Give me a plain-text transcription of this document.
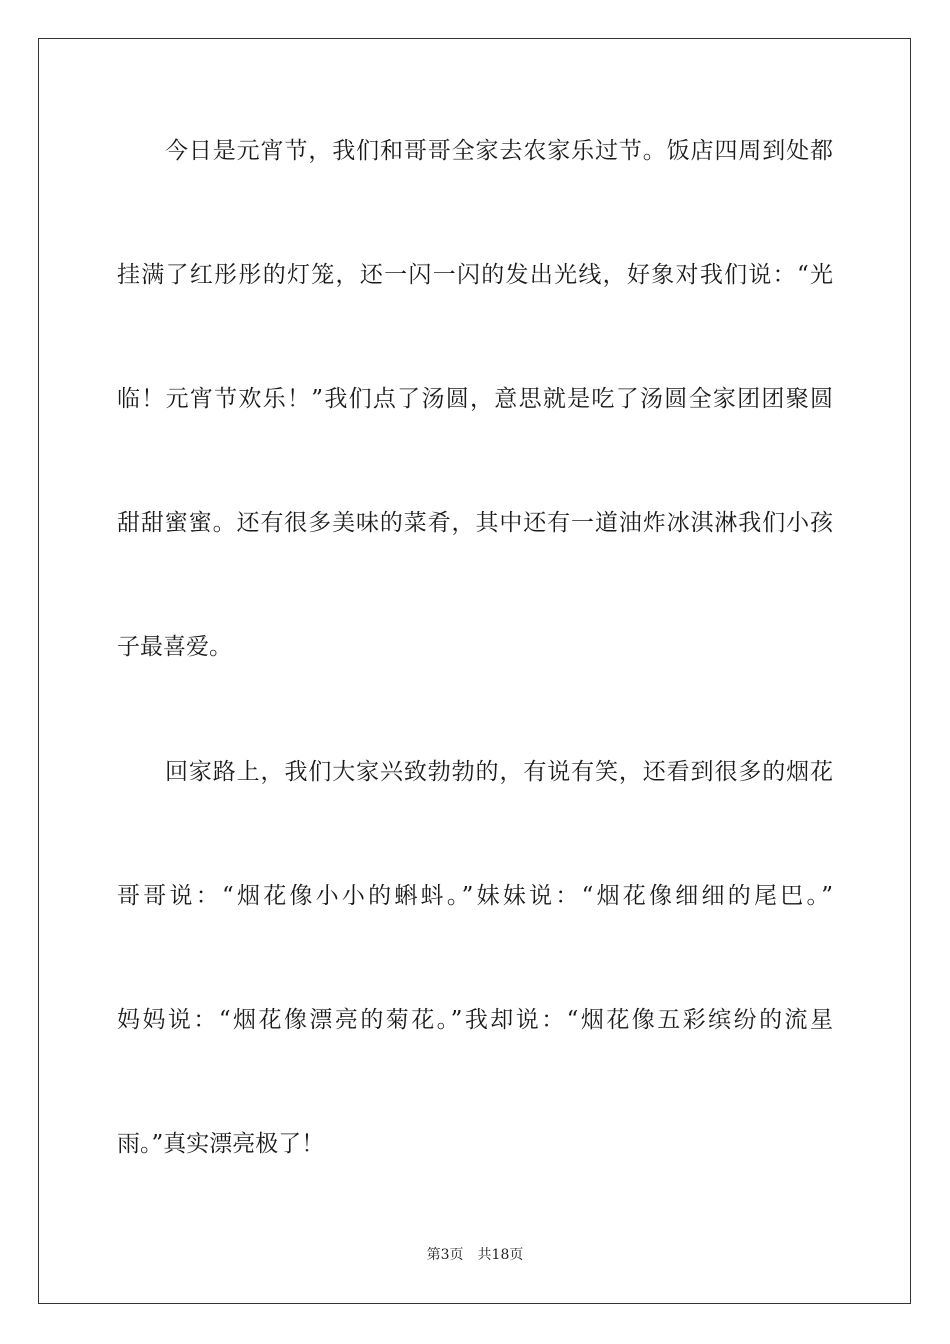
今日是元宵节，我们和哥哥全家去农家乐过节。饭店四周到处都
挂满了红彤彤的灯笼，还一闪一闪的发出光线，好象对我们说：“光
临！元宵节欢乐！”我们点了汤圆，意思就是吃了汤圆全家团团聚圆
甜甜蜜蜜。还有很多美味的菜肴，其中还有一道油炸冰淇淋我们小孩
子最喜爱。
回家路上，我们大家兴致勃勃的，有说有笑，还看到很多的烟花
哥哥说：“烟花像小小的蝌蚪。”妹妹说：“烟花像细细的尾巴。”
妈妈说：“烟花像漂亮的菊花。”我却说：“烟花像五彩缤纷的流星
雨。”真实漂亮极了！
第3页 共18页
